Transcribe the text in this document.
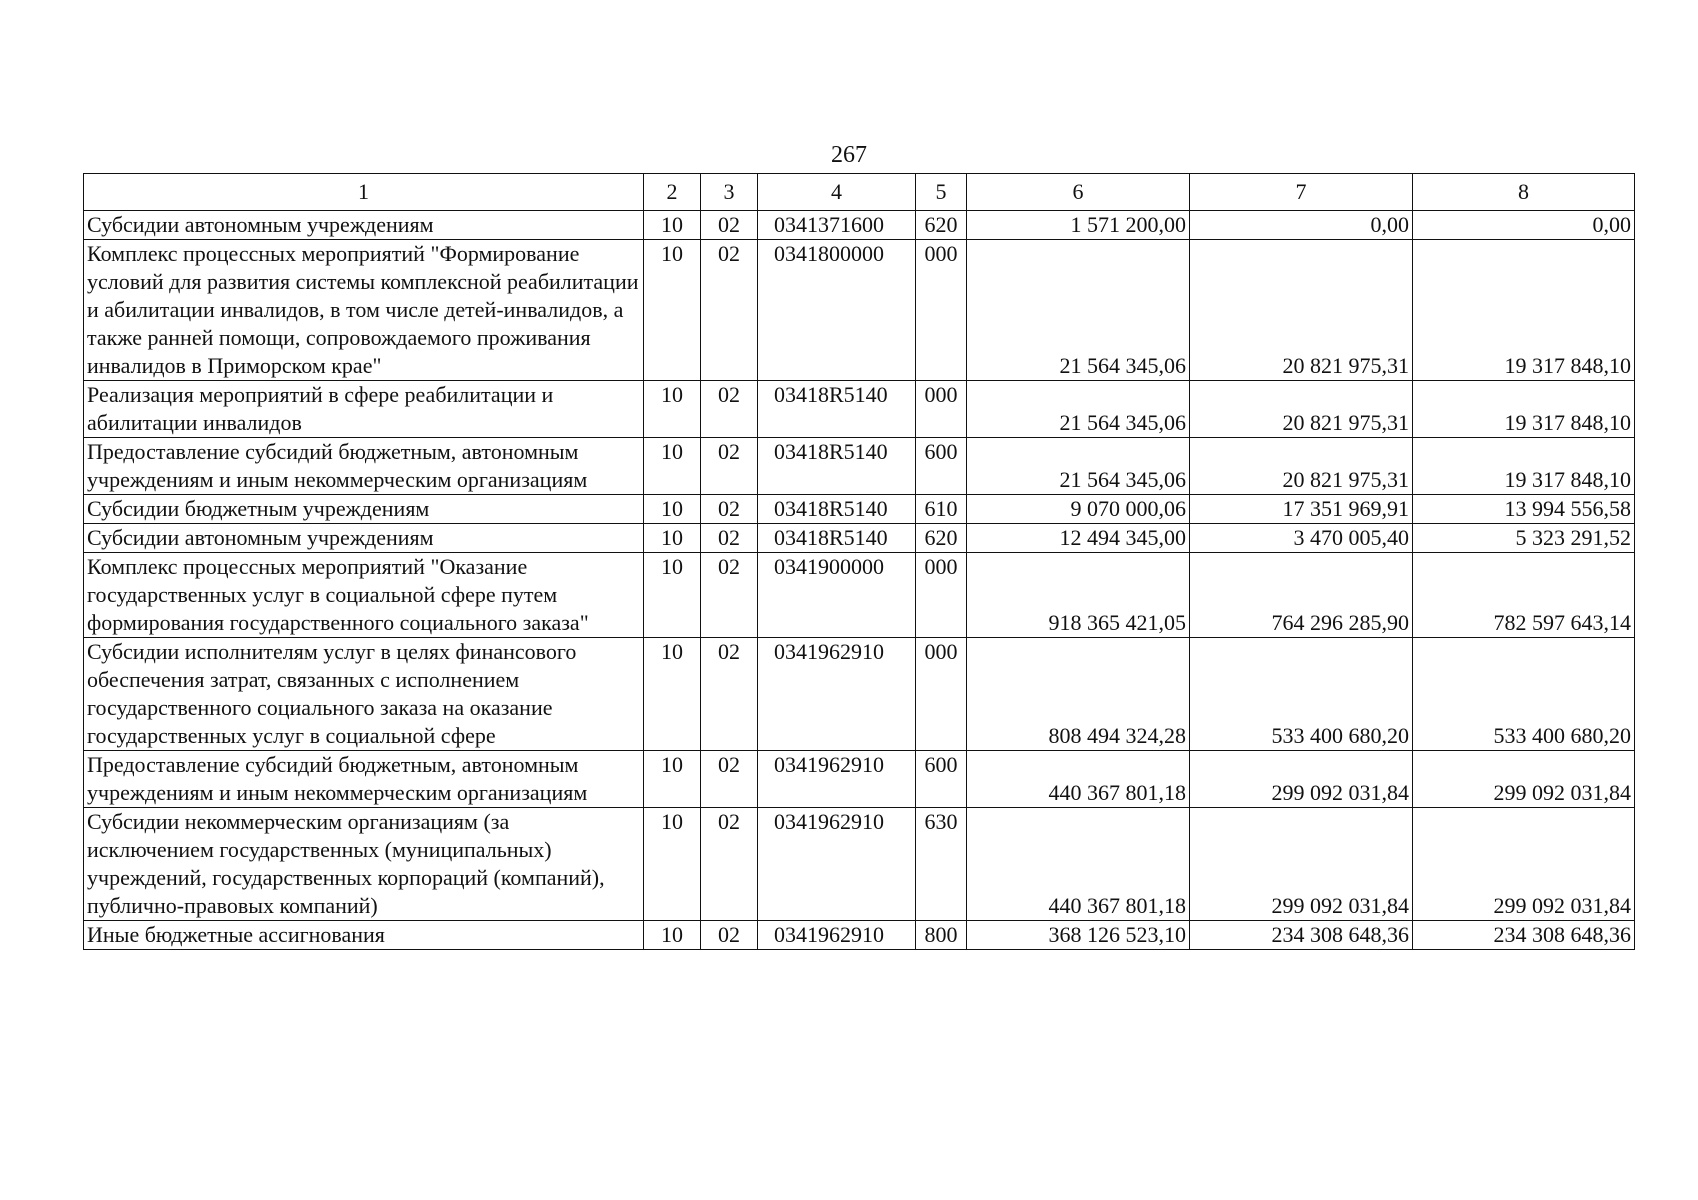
267
1	2	3	4	5	6	7	8
Субсидии автономным учреждениям	10	02	0341371600	620	1 571 200,00	0,00	0,00
Комплекс процессных мероприятий "Формирование условий для развития системы комплексной реабилитации и абилитации инвалидов, в том числе детей-инвалидов, а также ранней помощи, сопровождаемого проживания инвалидов в Приморском крае"	10	02	0341800000	000	21 564 345,06	20 821 975,31	19 317 848,10
Реализация мероприятий в сфере реабилитации и абилитации инвалидов	10	02	03418R5140	000	21 564 345,06	20 821 975,31	19 317 848,10
Предоставление субсидий бюджетным, автономным учреждениям и иным некоммерческим организациям	10	02	03418R5140	600	21 564 345,06	20 821 975,31	19 317 848,10
Субсидии бюджетным учреждениям	10	02	03418R5140	610	9 070 000,06	17 351 969,91	13 994 556,58
Субсидии автономным учреждениям	10	02	03418R5140	620	12 494 345,00	3 470 005,40	5 323 291,52
Комплекс процессных мероприятий "Оказание государственных услуг в социальной сфере путем формирования государственного социального заказа"	10	02	0341900000	000	918 365 421,05	764 296 285,90	782 597 643,14
Субсидии исполнителям услуг в целях финансового обеспечения затрат, связанных с исполнением государственного социального заказа на оказание государственных услуг в социальной сфере	10	02	0341962910	000	808 494 324,28	533 400 680,20	533 400 680,20
Предоставление субсидий бюджетным, автономным учреждениям и иным некоммерческим организациям	10	02	0341962910	600	440 367 801,18	299 092 031,84	299 092 031,84
Субсидии некоммерческим организациям (за исключением государственных (муниципальных) учреждений, государственных корпораций (компаний), публично-правовых компаний)	10	02	0341962910	630	440 367 801,18	299 092 031,84	299 092 031,84
Иные бюджетные ассигнования	10	02	0341962910	800	368 126 523,10	234 308 648,36	234 308 648,36
